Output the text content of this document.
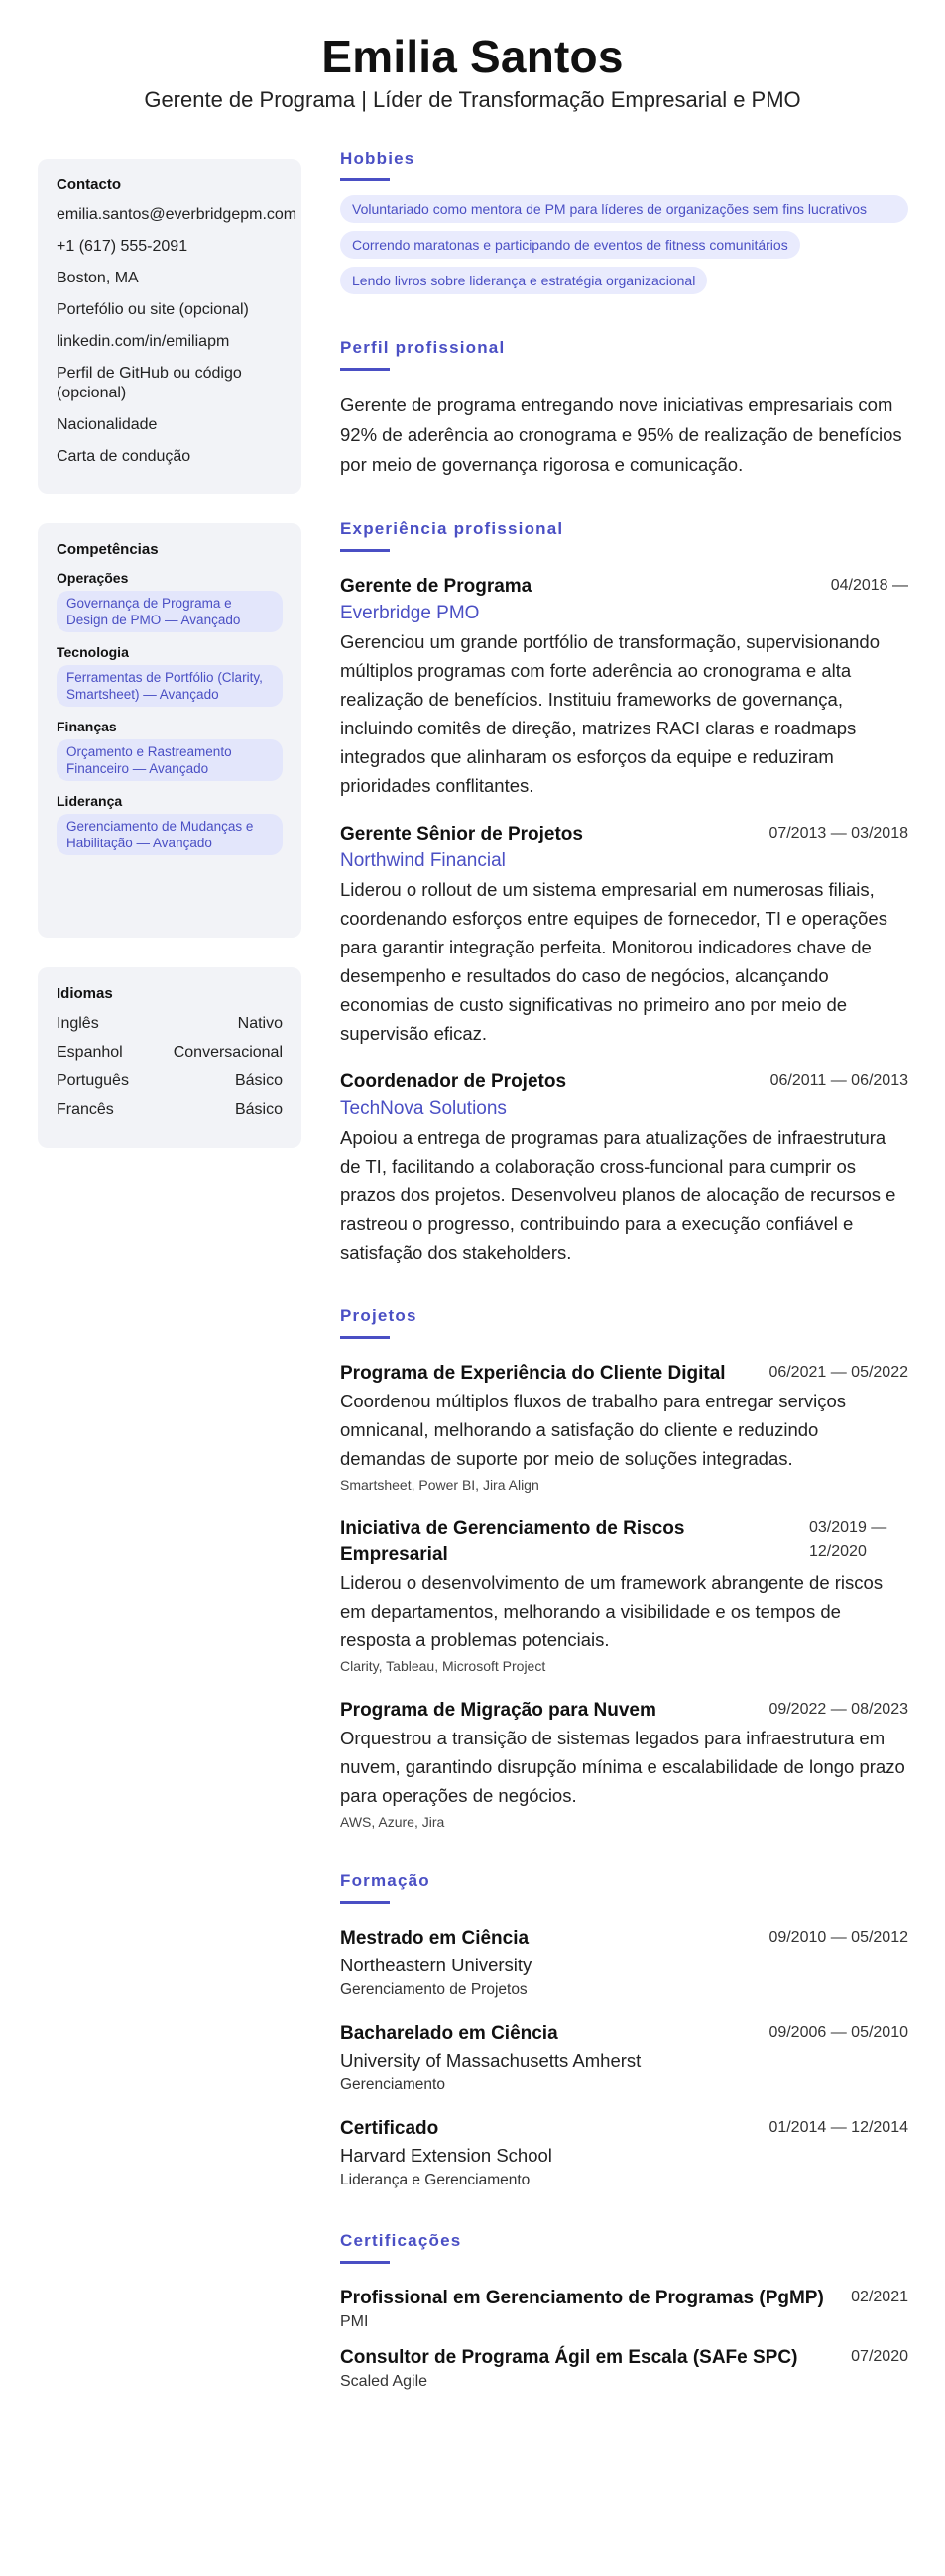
Emilia Santos
Gerente de Programa | Líder de Transformação Empresarial e PMO
Contacto
emilia.santos@everbridgepm.com
+1 (617) 555-2091
Boston, MA
Portefólio ou site (opcional)
linkedin.com/in/emiliapm
Perfil de GitHub ou código (opcional)
Nacionalidade
Carta de condução
Competências
Operações
Governança de Programa e Design de PMO — Avançado
Tecnologia
Ferramentas de Portfólio (Clarity, Smartsheet) — Avançado
Finanças
Orçamento e Rastreamento Financeiro — Avançado
Liderança
Gerenciamento de Mudanças e Habilitação — Avançado
Idiomas
Inglês	Nativo
Espanhol	Conversacional
Português	Básico
Francês	Básico
Hobbies
Voluntariado como mentora de PM para líderes de organizações sem fins lucrativos
Correndo maratonas e participando de eventos de fitness comunitários
Lendo livros sobre liderança e estratégia organizacional
Perfil profissional
Gerente de programa entregando nove iniciativas empresariais com 92% de aderência ao cronograma e 95% de realização de benefícios por meio de governança rigorosa e comunicação.
Experiência profissional
Gerente de Programa	04/2018 —
Everbridge PMO
Gerenciou um grande portfólio de transformação, supervisionando múltiplos programas com forte aderência ao cronograma e alta realização de benefícios. Instituiu frameworks de governança, incluindo comitês de direção, matrizes RACI claras e roadmaps integrados que alinharam os esforços da equipe e reduziram prioridades conflitantes.
Gerente Sênior de Projetos	07/2013 — 03/2018
Northwind Financial
Liderou o rollout de um sistema empresarial em numerosas filiais, coordenando esforços entre equipes de fornecedor, TI e operações para garantir integração perfeita. Monitorou indicadores chave de desempenho e resultados do caso de negócios, alcançando economias de custo significativas no primeiro ano por meio de supervisão eficaz.
Coordenador de Projetos	06/2011 — 06/2013
TechNova Solutions
Apoiou a entrega de programas para atualizações de infraestrutura de TI, facilitando a colaboração cross-funcional para cumprir os prazos dos projetos. Desenvolveu planos de alocação de recursos e rastreou o progresso, contribuindo para a execução confiável e satisfação dos stakeholders.
Projetos
Programa de Experiência do Cliente Digital	06/2021 — 05/2022
Coordenou múltiplos fluxos de trabalho para entregar serviços omnicanal, melhorando a satisfação do cliente e reduzindo demandas de suporte por meio de soluções integradas.
Smartsheet, Power BI, Jira Align
Iniciativa de Gerenciamento de Riscos Empresarial
03/2019 — 12/2020
Liderou o desenvolvimento de um framework abrangente de riscos em departamentos, melhorando a visibilidade e os tempos de resposta a problemas potenciais.
Clarity, Tableau, Microsoft Project
Programa de Migração para Nuvem	09/2022 — 08/2023
Orquestrou a transição de sistemas legados para infraestrutura em nuvem, garantindo disrupção mínima e escalabilidade de longo prazo para operações de negócios.
AWS, Azure, Jira
Formação
Mestrado em Ciência	09/2010 — 05/2012
Northeastern University
Gerenciamento de Projetos
Bacharelado em Ciência	09/2006 — 05/2010
University of Massachusetts Amherst
Gerenciamento
Certificado	01/2014 — 12/2014
Harvard Extension School
Liderança e Gerenciamento
Certificações
Profissional em Gerenciamento de Programas (PgMP) 02/2021
PMI
Consultor de Programa Ágil em Escala (SAFe SPC)	07/2020
Scaled Agile
